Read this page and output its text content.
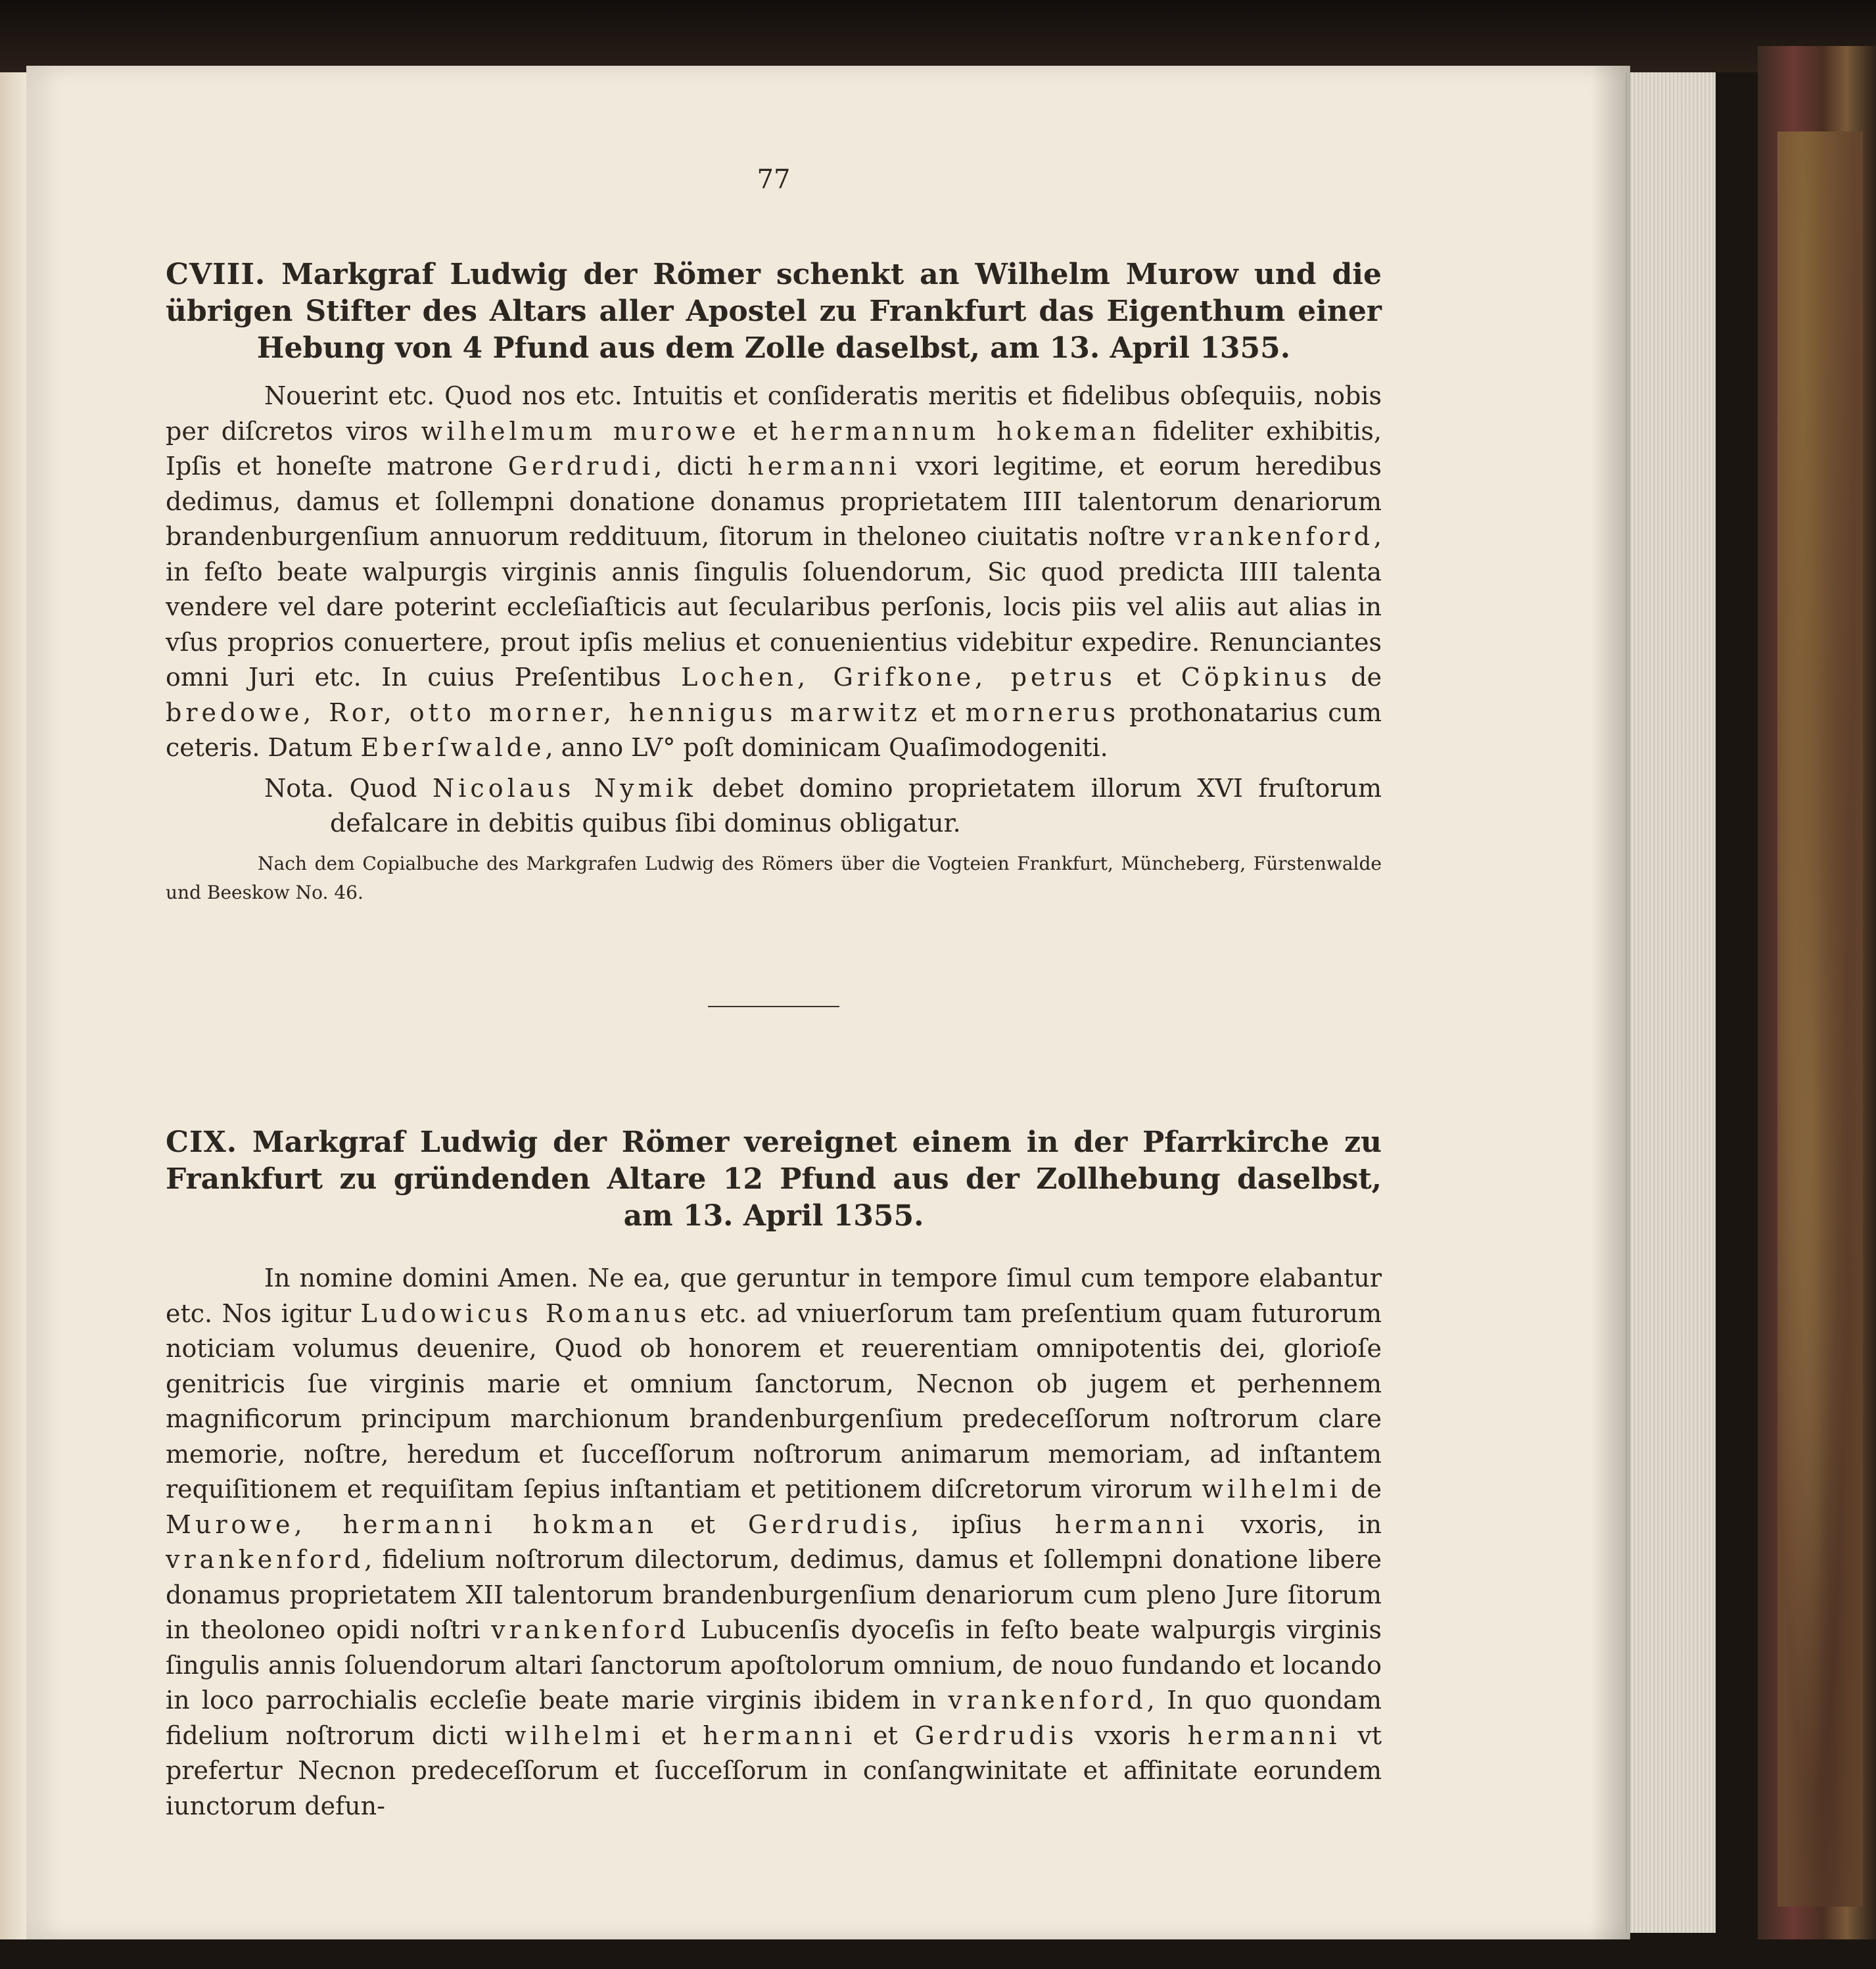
77
CVIII. Markgraf Ludwig der Römer schenkt an Wilhelm Murow und die übrigen Stifter des Altars aller Apostel zu Frankfurt das Eigenthum einer Hebung von 4 Pfund aus dem Zolle daselbst, am 13. April 1355.

Nouerint etc. Quod nos etc. Intuitis et conſideratis meritis et fidelibus obſequiis, nobis per diſcretos viros wilhelmum murowe et hermannum hokeman fideliter exhibitis, Ipſis et honeſte matrone Gerdrudi, dicti hermanni vxori legitime, et eorum heredibus dedimus, damus et ſollempni donatione donamus proprietatem IIII talentorum denariorum brandenburgenſium annuorum reddituum, ſitorum in theloneo ciuitatis noſtre vrankenford, in feſto beate walpurgis virginis annis ſingulis ſoluendorum, Sic quod predicta IIII talenta vendere vel dare poterint eccleſiaſticis aut ſecularibus perſonis, locis piis vel aliis aut alias in vſus proprios conuertere, prout ipſis melius et conuenientius videbitur expedire. Renunciantes omni Juri etc. In cuius Preſentibus Lochen, Grifkone, petrus et Cöpkinus de bredowe, Ror, otto morner, hennigus marwitz et mornerus prothonatarius cum ceteris. Datum Eberſwalde, anno LV° poſt dominicam Quaſimodogeniti.

Nota. Quod Nicolaus Nymik debet domino proprietatem illorum XVI fruſtorum defalcare in debitis quibus ſibi dominus obligatur.

Nach dem Copialbuche des Markgrafen Ludwig des Römers über die Vogteien Frankfurt, Müncheberg, Fürstenwalde und Beeskow No. 46.

CIX. Markgraf Ludwig der Römer vereignet einem in der Pfarrkirche zu Frankfurt zu gründenden Altare 12 Pfund aus der Zollhebung daselbst, am 13. April 1355.

In nomine domini Amen. Ne ea, que geruntur in tempore ſimul cum tempore elabantur etc. Nos igitur Ludowicus Romanus etc. ad vniuerſorum tam preſentium quam futurorum noticiam volumus deuenire, Quod ob honorem et reuerentiam omnipotentis dei, glorioſe genitricis ſue virginis marie et omnium ſanctorum, Necnon ob jugem et perhennem magnificorum principum marchionum brandenburgenſium predeceſſorum noſtrorum clare memorie, noſtre, heredum et ſucceſſorum noſtrorum animarum memoriam, ad inſtantem requiſitionem et requiſitam ſepius inſtantiam et petitionem diſcretorum virorum wilhelmi de Murowe, hermanni hokman et Gerdrudis, ipſius hermanni vxoris, in vrankenford, fidelium noſtrorum dilectorum, dedimus, damus et ſollempni donatione libere donamus proprietatem XII talentorum brandenburgenſium denariorum cum pleno Jure ſitorum in theoloneo opidi noſtri vrankenford Lubucenſis dyoceſis in feſto beate walpurgis virginis ſingulis annis ſoluendorum altari ſanctorum apoſtolorum omnium, de nouo fundando et locando in loco parrochialis eccleſie beate marie virginis ibidem in vrankenford, In quo quondam fidelium noſtrorum dicti wilhelmi et hermanni et Gerdrudis vxoris hermanni vt prefertur Necnon predeceſſorum et ſucceſſorum in conſangwinitate et affinitate eorundem iunctorum defun-
